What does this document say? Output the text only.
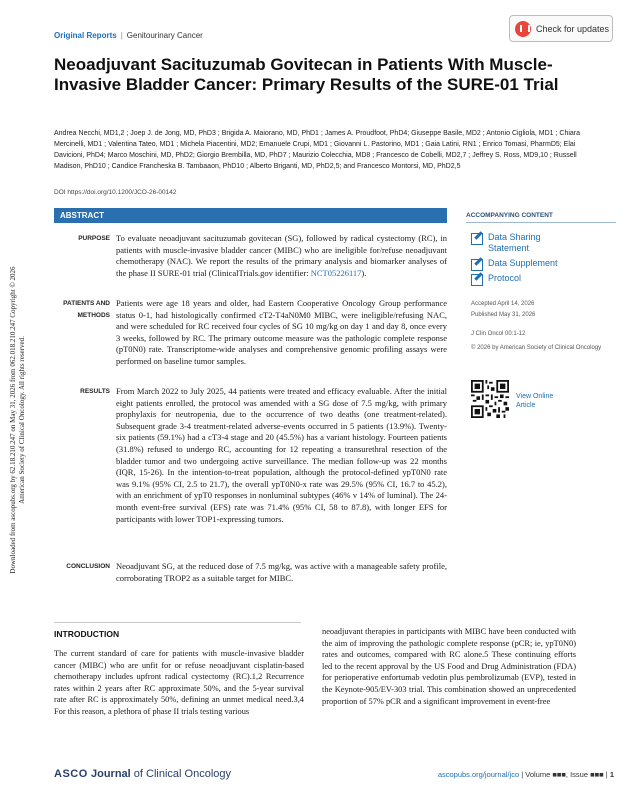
Downloaded from ascopubs.org by 62.18.210.247 on May 31, 2026 from 062.018.210.247 Copyright © 2026 American Society of Clinical Oncology. All rights reserved.
Original Reports | Genitourinary Cancer
Check for updates
Neoadjuvant Sacituzumab Govitecan in Patients With Muscle-Invasive Bladder Cancer: Primary Results of the SURE-01 Trial
Andrea Necchi, MD1,2 ; Joep J. de Jong, MD, PhD3 ; Brigida A. Maiorano, MD, PhD1 ; James A. Proudfoot, PhD4; Giuseppe Basile, MD2 ; Antonio Cigliola, MD1 ; Chiara Mercinelli, MD1 ; Valentina Tateo, MD1 ; Michela Piacentini, MD2; Emanuele Crupi, MD1 ; Giovanni L. Pastorino, MD1 ; Gaia Latini, RN1 ; Enrico Tomasi, PharmD5; Elai Davicioni, PhD4; Marco Moschini, MD, PhD2; Giorgio Brembilla, MD, PhD7 ; Maurizio Colecchia, MD8 ; Francesco de Cobelli, MD2,7 ; Jeffrey S. Ross, MD9,10 ; Russell Madison, PhD10 ; Candice Francheska B. Tambaaon, PhD10 ; Alberto Briganti, MD, PhD2,5; and Francesco Montorsi, MD, PhD2,5
DOI https://doi.org/10.1200/JCO-26-00142
ABSTRACT
PURPOSE To evaluate neoadjuvant sacituzumab govitecan (SG), followed by radical cystectomy (RC), in patients with muscle-invasive bladder cancer (MIBC) who are ineligible for/refuse neoadjuvant chemotherapy (NAC). We report the results of the primary analysis and biomarker analyses of the phase II SURE-01 trial (ClinicalTrials.gov identifier: NCT05226117).
PATIENTS AND METHODS
Patients were age 18 years and older, had Eastern Cooperative Oncology Group performance status 0-1, had histologically confirmed cT2-T4aN0M0 MIBC, were ineligible/refusing NAC, and were scheduled for RC received four cycles of SG 10 mg/kg on day 1 and day 8, once every 3 weeks, followed by RC. The primary outcome measure was the pathologic complete response (pT0N0) rate. Transcriptome-wide analyses and comprehensive genomic profiling assays were performed on baseline tumor samples.
RESULTS From March 2022 to July 2025, 44 patients were treated and efficacy evaluable. After the initial eight patients enrolled, the protocol was amended with a SG dose of 7.5 mg/kg, with primary prophylaxis for neutropenia, due to the occurrence of two deaths (one treatment-related). Subsequent grade 3-4 treatment-related adverse-events occurred in 5 patients (13.9%). Twenty-six patients (59.1%) had a cT3-4 stage and 20 (45.5%) has a variant histology. Fourteen patients (31.8%) refused to undergo RC, accounting for 12 repeating a transurethral resection of the bladder tumor and two undergoing active surveillance. The median follow-up was 22 months (IQR, 15-26). In the intention-to-treat population, although the protocol-defined ypT0N0 rate was 9.1% (95% CI, 2.5 to 21.7), the overall ypT0N0-x rate was 29.5% (95% CI, 16.7 to 45.2), with an enrichment of ypT0 responses in nonluminal subtypes (46% v 14% of luminal). The 24-month event-free survival (EFS) rate was 71.4% (95% CI, 58 to 87.8), with longer EFS for participants with lower TOP1-expressing tumors.
CONCLUSION Neoadjuvant SG, at the reduced dose of 7.5 mg/kg, was active with a manageable safety profile, corroborating TROP2 as a suitable target for MIBC.
ACCOMPANYING CONTENT
Data Sharing Statement
Data Supplement
Protocol
Accepted April 14, 2026
Published May 31, 2026
J Clin Oncol 00:1-12
© 2026 by American Society of Clinical Oncology
View Online Article
INTRODUCTION
The current standard of care for patients with muscle-invasive bladder cancer (MIBC) who are unfit for or refuse neoadjuvant cisplatin-based chemotherapy includes upfront radical cystectomy (RC).1,2 Recurrence rates within 2 years after RC approximate 50%, and the 5-year survival rate after RC is approximately 50%, defining an unmet medical need.3,4 For this reason, a plethora of phase II trials testing various
neoadjuvant therapies in participants with MIBC have been conducted with the aim of improving the pathologic complete response (pCR; ie, ypT0N0) rates and outcomes, compared with RC alone.5 These continuing efforts led to the recent approval by the US Food and Drug Administration (FDA) for perioperative enfortumab vedotin plus pembrolizumab (EVP), tested in the Keynote-905/EV-303 trial. This combination showed an unprecedented proportion of 57% pCR and a significant improvement in event-free
ASCO Journal of Clinical Oncology	ascopubs.org/journal/jco | Volume ■■■, Issue ■■■ | 1
